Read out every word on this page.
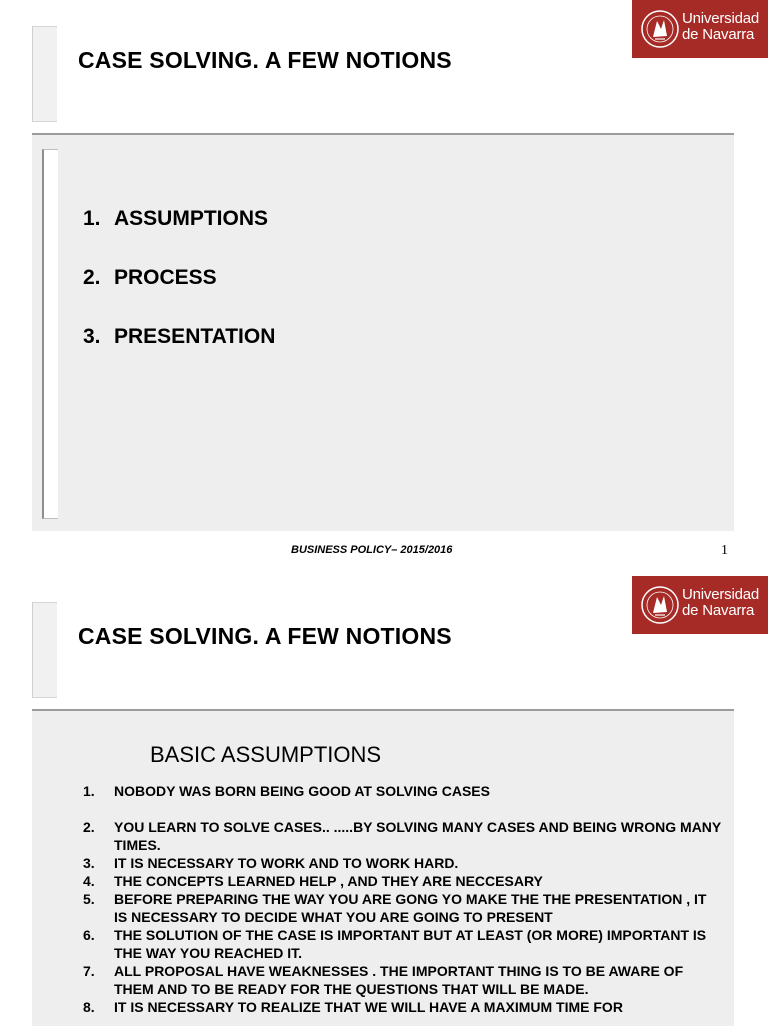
CASE SOLVING. A FEW NOTIONS
Universidad
de Navarra
1. ASSUMPTIONS
2. PROCESS
3. PRESENTATION
BUSINESS POLICY– 2015/2016	1
CASE SOLVING. A FEW NOTIONS
Universidad
de Navarra
BASIC ASSUMPTIONS
1. NOBODY WAS BORN BEING GOOD AT SOLVING CASES
2. YOU LEARN TO SOLVE CASES.. .....BY SOLVING MANY CASES AND BEING WRONG MANY TIMES.
3. IT IS NECESSARY TO WORK AND TO WORK HARD.
4. THE CONCEPTS LEARNED HELP , AND THEY ARE NECCESARY
5. BEFORE PREPARING THE WAY YOU ARE GONG YO MAKE THE THE PRESENTATION , IT IS NECESSARY TO DECIDE WHAT YOU ARE GOING TO PRESENT
6. THE SOLUTION OF THE CASE IS IMPORTANT BUT AT LEAST (OR MORE) IMPORTANT IS THE WAY YOU REACHED IT.
7. ALL PROPOSAL HAVE WEAKNESSES . THE IMPORTANT THING IS TO BE AWARE OF THEM AND TO BE READY FOR THE QUESTIONS THAT WILL BE MADE.
8. IT IS NECESSARY TO REALIZE THAT WE WILL HAVE A MAXIMUM TIME FOR
